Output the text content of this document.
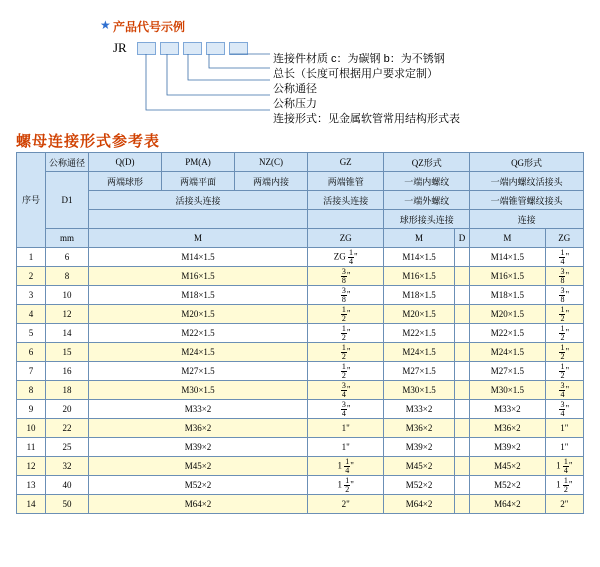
★ 产品代号示例
JR
连接件材质 c：为碳钢 b：为不锈钢
总长（长度可根据用户要求定制）
公称通径
公称压力
连接形式：见金属软管常用结构形式表
螺母连接形式参考表
序号	公称通径	Q(D)	PM(A)	NZ(C)	GZ	QZ形式		QG形式	
	D1	两端球形	两端平面	两端内接	两端锥管	一端内螺纹		一端内螺纹活接头	
		活接头连接			活接头连接	一端外螺纹		一端锥管螺纹接头	
						球形接头连接		连接	
	mm	M			ZG	M	D	M	ZG
1	6	M14×1.5			ZG $\frac{1}{4}$ "	M14×1.5		M14×1.5	$\frac{1}{4}$ "
2	8	M16×1.5			$\frac{3}{8}$ "	M16×1.5		M16×1.5	$\frac{3}{8}$ "
3	10	M18×1.5			$\frac{3}{8}$ "	M18×1.5		M18×1.5	$\frac{3}{8}$ "
4	12	M20×1.5			$\frac{1}{2}$ "	M20×1.5		M20×1.5	$\frac{1}{2}$ "
5	14	M22×1.5			$\frac{1}{2}$ "	M22×1.5		M22×1.5	$\frac{1}{2}$ "
6	15	M24×1.5			$\frac{1}{2}$ "	M24×1.5		M24×1.5	$\frac{1}{2}$ "
7	16	M27×1.5			$\frac{1}{2}$ "	M27×1.5		M27×1.5	$\frac{1}{2}$ "
8	18	M30×1.5			$\frac{3}{4}$ "	M30×1.5		M30×1.5	$\frac{3}{4}$ "
9	20	M33×2			$\frac{3}{4}$ "	M33×2		M33×2	$\frac{3}{4}$ "
10	22	M36×2			1"	M36×2		M36×2	1"
11	25	M39×2			1"	M39×2		M39×2	1"
12	32	M45×2			$1 \frac{1}{4}$ "	M45×2		M45×2	$1 \frac{1}{4}$ "
13	40	M52×2			$1 \frac{1}{2}$ "	M52×2		M52×2	$1 \frac{1}{2}$ "
14	50	M64×2			2"	M64×2		M64×2	2"
